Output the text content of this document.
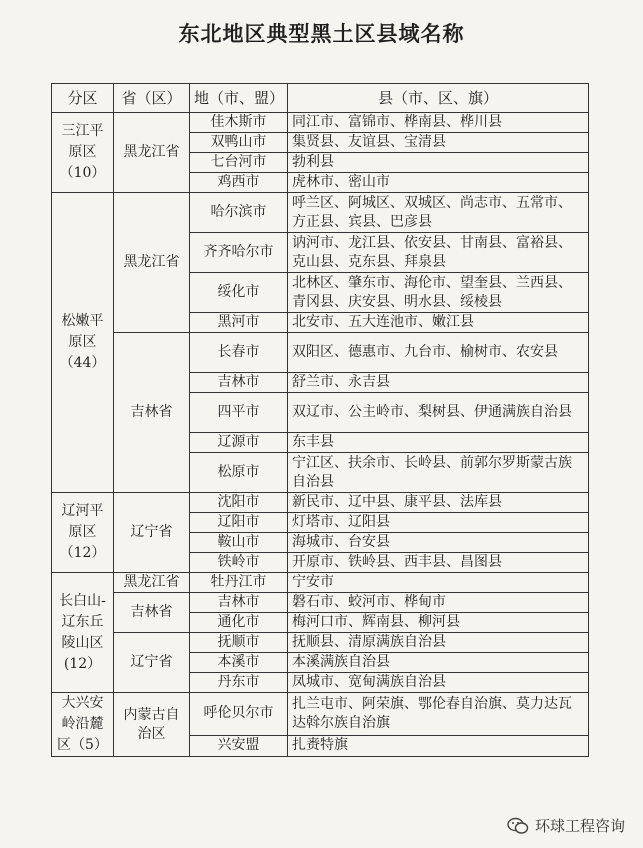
东北地区典型黑土区县域名称
分区	省（区）	地（市、盟）	县（市、区、旗）
三江平原区（10）	黑龙江省	佳木斯市	同江市、富锦市、桦南县、桦川县
		双鸭山市	集贤县、友谊县、宝清县
		七台河市	勃利县
		鸡西市	虎林市、密山市
松嫩平原区（44）	黑龙江省	哈尔滨市	呼兰区、阿城区、双城区、尚志市、五常市、方正县、宾县、巴彦县
		齐齐哈尔市	讷河市、龙江县、依安县、甘南县、富裕县、克山县、克东县、拜泉县
		绥化市	北林区、肇东市、海伦市、望奎县、兰西县、青冈县、庆安县、明水县、绥棱县
		黑河市	北安市、五大连池市、嫩江县
	吉林省	长春市	双阳区、德惠市、九台市、榆树市、农安县
		吉林市	舒兰市、永吉县
		四平市	双辽市、公主岭市、梨树县、伊通满族自治县
		辽源市	东丰县
		松原市	宁江区、扶余市、长岭县、前郭尔罗斯蒙古族自治县
辽河平原区（12）	辽宁省	沈阳市	新民市、辽中县、康平县、法库县
		辽阳市	灯塔市、辽阳县
		鞍山市	海城市、台安县
		铁岭市	开原市、铁岭县、西丰县、昌图县
长白山-辽东丘陵山区(12）	黑龙江省	牡丹江市	宁安市
	吉林省	吉林市	磐石市、蛟河市、桦甸市
		通化市	梅河口市、辉南县、柳河县
	辽宁省	抚顺市	抚顺县、清原满族自治县
		本溪市	本溪满族自治县
		丹东市	凤城市、宽甸满族自治县
大兴安岭沿麓区（5）	内蒙古自治区	呼伦贝尔市	扎兰屯市、阿荣旗、鄂伦春自治旗、莫力达瓦达斡尔族自治旗
		兴安盟	扎赉特旗
环球工程咨询
